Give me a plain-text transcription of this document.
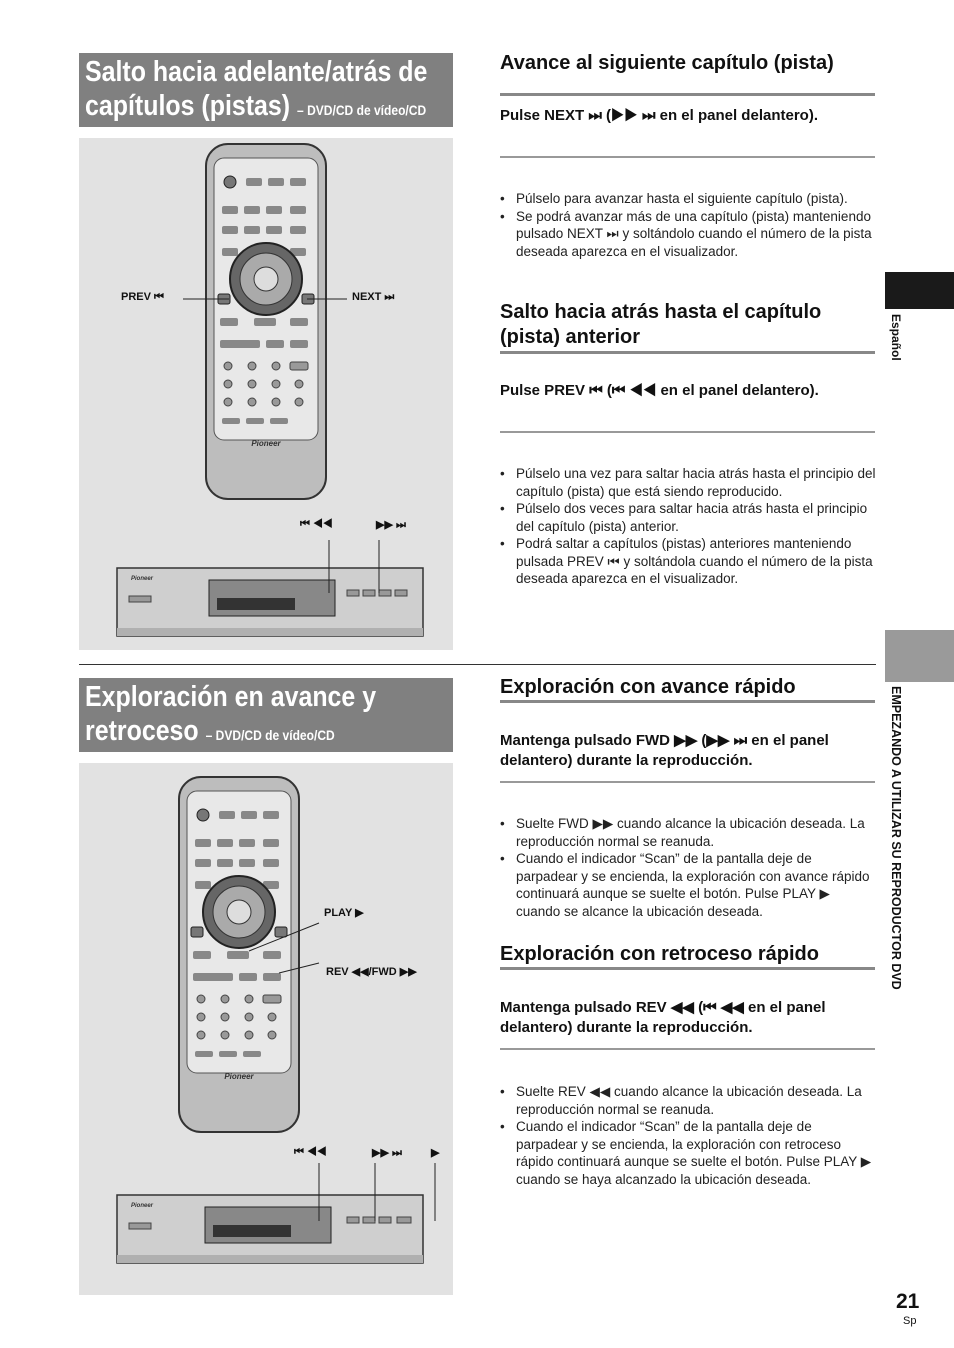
Salto hacia adelante/atrás de capítulos (pistas) – DVD/CD de vídeo/CD
Pioneer
Pioneer
PREV ⏮	NEXT ⏭
⏮ ◀◀	▶▶ ⏭
Avance al siguiente capítulo (pista)
Pulse NEXT ⏭ (▶▶ ⏭ en el panel delantero).
• Púlselo para avanzar hasta el siguiente capítulo (pista).
• Se podrá avanzar más de una capítulo (pista) manteniendo pulsado NEXT ⏭ y soltándolo cuando el número de la pista deseada aparezca en el visualizador.
Salto hacia atrás hasta el capítulo (pista) anterior
Pulse PREV ⏮ (⏮ ◀◀ en el panel delantero).
• Púlselo una vez para saltar hacia atrás hasta el principio del capítulo (pista) que está siendo reproducido.
• Púlselo dos veces para saltar hacia atrás hasta el principio del capítulo (pista) anterior.
• Podrá saltar a capítulos (pistas) anteriores manteniendo pulsada PREV ⏮ y soltándola cuando el número de la pista deseada aparezca en el visualizador.
Exploración en avance y retroceso – DVD/CD de vídeo/CD
Pioneer
Pioneer
PLAY ▶
REV ◀◀/FWD ▶▶
⏮ ◀◀	▶▶ ⏭	▶
Exploración con avance rápido
Mantenga pulsado FWD ▶▶ (▶▶ ⏭ en el panel delantero) durante la reproducción.
• Suelte FWD ▶▶ cuando alcance la ubicación deseada. La reproducción normal se reanuda.
• Cuando el indicador “Scan” de la pantalla deje de parpadear y se encienda, la exploración con avance rápido continuará aunque se suelte el botón. Pulse PLAY ▶ cuando se alcance la ubicación deseada.
Exploración con retroceso rápido
Mantenga pulsado REV ◀◀ (⏮ ◀◀ en el panel delantero) durante la reproducción.
• Suelte REV ◀◀ cuando alcance la ubicación deseada. La reproducción normal se reanuda.
• Cuando el indicador “Scan” de la pantalla deje de parpadear y se encienda, la exploración con retroceso rápido continuará aunque se suelte el botón. Pulse PLAY ▶ cuando se haya alcanzado la ubicación deseada.
Español
EMPEZANDO A UTILIZAR SU REPRODUCTOR DVD
21
Sp
